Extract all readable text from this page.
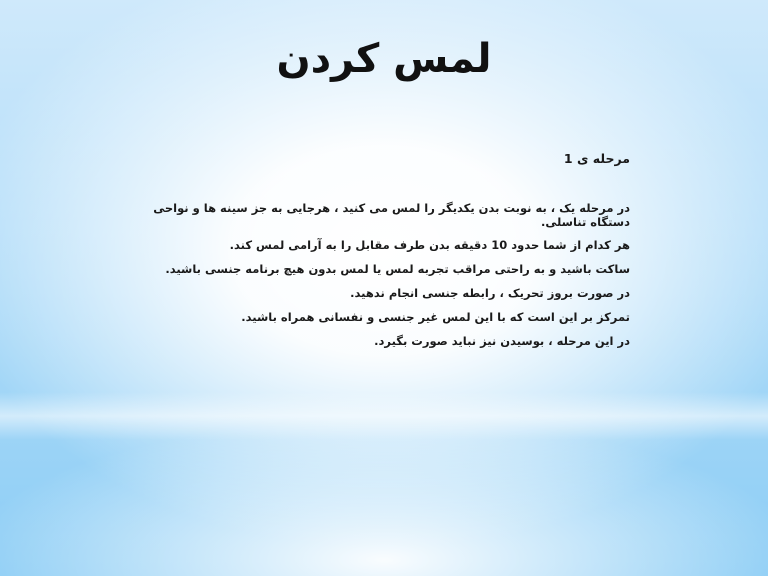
لمس کردن
مرحله ی 1

در مرحله یک ، به نوبت بدن یکدیگر را لمس می کنید ، هرجایی به جز سینه ها و نواحی دستگاه تناسلی.

هر کدام از شما حدود 10 دقیقه بدن طرف مقابل را به آرامی لمس کند.

ساکت باشید و به راحتی مراقب تجربه لمس یا لمس بدون هیچ برنامه جنسی باشید.

در صورت بروز تحریک ، رابطه جنسی انجام ندهید.

تمرکز بر این است که با این لمس غیر جنسی و نفسانی همراه باشید.

در این مرحله ، بوسیدن نیز نباید صورت بگیرد.
